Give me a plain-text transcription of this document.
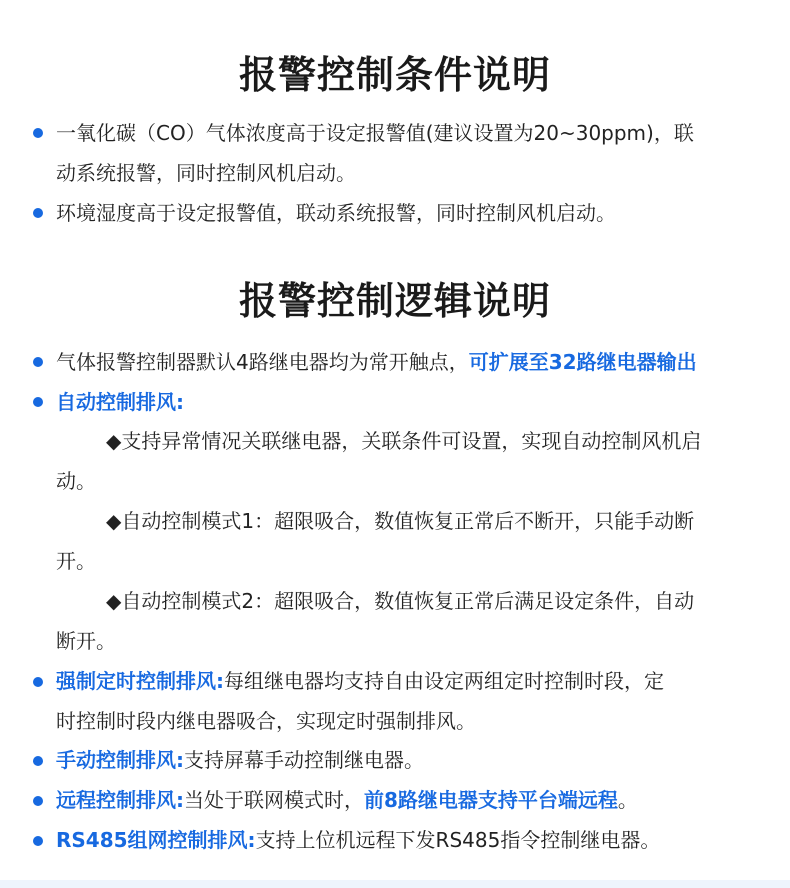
报警控制条件说明
一氧化碳（CO）气体浓度高于设定报警值(建议设置为20~30ppm)，联
动系统报警，同时控制风机启动。
环境湿度高于设定报警值，联动系统报警，同时控制风机启动。
报警控制逻辑说明
气体报警控制器默认4路继电器均为常开触点，可扩展至32路继电器输出
自动控制排风:
◆支持异常情况关联继电器，关联条件可设置，实现自动控制风机启
动。
◆自动控制模式1：超限吸合，数值恢复正常后不断开，只能手动断
开。
◆自动控制模式2：超限吸合，数值恢复正常后满足设定条件，自动
断开。
强制定时控制排风:每组继电器均支持自由设定两组定时控制时段，定
时控制时段内继电器吸合，实现定时强制排风。
手动控制排风:支持屏幕手动控制继电器。
远程控制排风:当处于联网模式时，前8路继电器支持平台端远程。
RS485组网控制排风:支持上位机远程下发RS485指令控制继电器。
